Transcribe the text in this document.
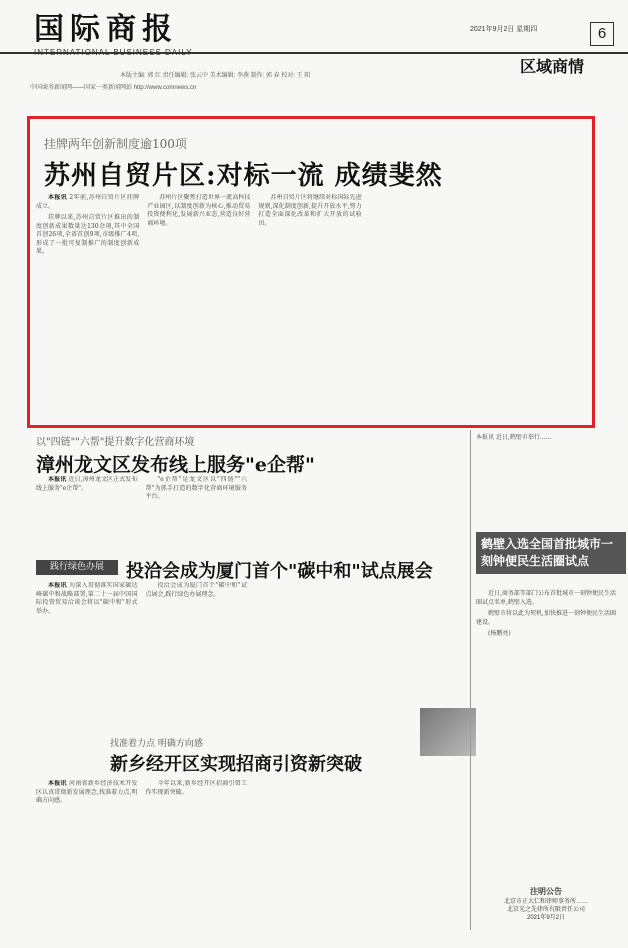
国际商报	2021年9月2日 星期四	6
区域商情
本版主编: 郭 红 责任编辑: 张云中 美术编辑: 李燕 制作: 郭 春 校对: 王 阳
中国商务新闻网——国家一类新闻网站 http://www.comnews.cn
挂牌两年创新制度逾100项
苏州自贸片区:对标一流 成绩斐然

本报讯 2年前,苏州自贸片区挂牌成立。

挂牌以来,苏州自贸片区推出的制度创新成果数量达130余项,其中全国首创26项,全省首创9项,市级推广4项,形成了一批可复制推广的制度创新成果。

苏州片区聚焦打造世界一流高科技产业园区,以制度创新为核心,推动贸易投资便利化,发展新兴业态,营造良好营商环境。

苏州自贸片区将继续对标国际先进规则,深化制度创新,提升开放水平,努力打造全面深化改革和扩大开放的试验田。

以"四链""六帮"提升数字化营商环境
漳州龙文区发布线上服务"e企帮"

本报讯 近日,漳州龙文区正式发布线上服务"e企帮"。

"e企帮"是龙文区以"四链""六帮"为抓手打造的数字化营商环境服务平台。

践行绿色办展	投洽会成为厦门首个"碳中和"试点展会

本报讯 为深入贯彻落实国家碳达峰碳中和战略部署,第二十一届中国国际投资贸易洽谈会将以"碳中和"形式举办。

投洽会成为厦门首个"碳中和"试点展会,践行绿色办展理念。

找准着力点 明确方向感
新乡经开区实现招商引资新突破

本报讯 河南省新乡经济技术开发区认真贯彻新发展理念,找准着力点,明确方向感。

今年以来,新乡经开区招商引资工作实现新突破。

本报讯 近日,鹤壁市举行……
鹤壁入选全国首批城市一刻钟便民生活圈试点

近日,商务部等部门公布首批城市一刻钟便民生活圈试点名单,鹤壁入选。

鹤壁市将以此为契机,加快推进一刻钟便民生活圈建设。

(杨鹏亮)

注明公告
北京市正大仁和律师事务所……
北京光之先律所有限责任公司
2021年9月2日
